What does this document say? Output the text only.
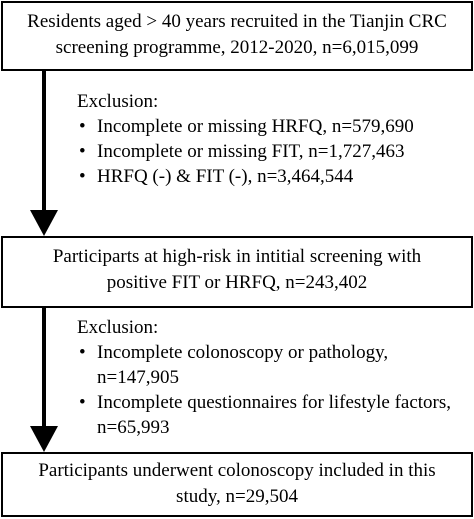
Residents aged > 40 years recruited in the Tianjin CRC
screening programme, 2012-2020, n=6,015,099
Exclusion:
• Incomplete or missing HRFQ, n=579,690
• Incomplete or missing FIT, n=1,727,463
• HRFQ (-) & FIT (-), n=3,464,544
Participarts at high-risk in intitial screening with
positive FIT or HRFQ, n=243,402
Exclusion:
• Incomplete colonoscopy or pathology,
n=147,905
• Incomplete questionnaires for lifestyle factors,
n=65,993
Participants underwent colonoscopy included in this
study, n=29,504
